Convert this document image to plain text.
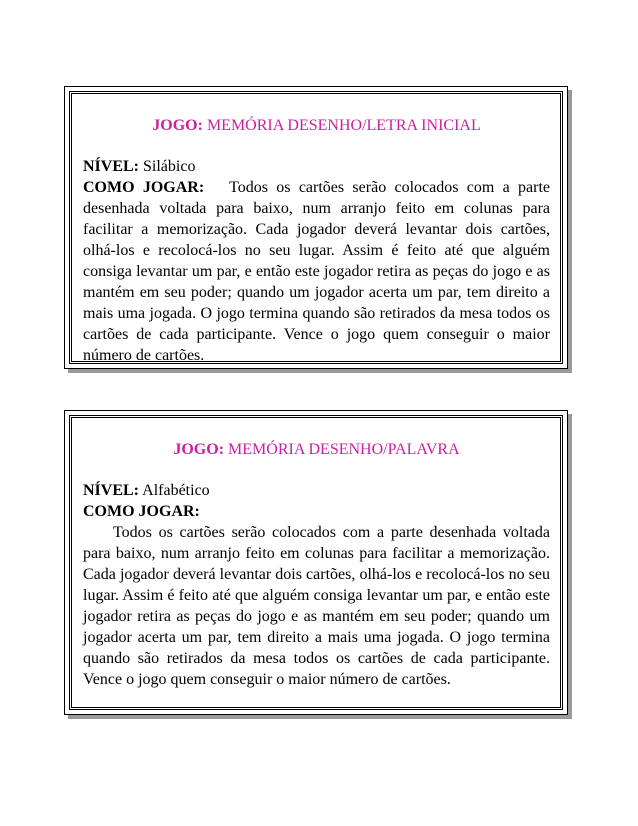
JOGO: MEMÓRIA DESENHO/LETRA INICIAL

NÍVEL: Silábico

COMO JOGAR: Todos os cartões serão colocados com a parte desenhada voltada para baixo, num arranjo feito em colunas para facilitar a memorização. Cada jogador deverá levantar dois cartões, olhá-los e recolocá-los no seu lugar. Assim é feito até que alguém consiga levantar um par, e então este jogador retira as peças do jogo e as mantém em seu poder; quando um jogador acerta um par, tem direito a mais uma jogada. O jogo termina quando são retirados da mesa todos os cartões de cada participante. Vence o jogo quem conseguir o maior número de cartões.

JOGO: MEMÓRIA DESENHO/PALAVRA

NÍVEL: Alfabético

COMO JOGAR:

Todos os cartões serão colocados com a parte desenhada voltada para baixo, num arranjo feito em colunas para facilitar a memorização. Cada jogador deverá levantar dois cartões, olhá-los e recolocá-los no seu lugar. Assim é feito até que alguém consiga levantar um par, e então este jogador retira as peças do jogo e as mantém em seu poder; quando um jogador acerta um par, tem direito a mais uma jogada. O jogo termina quando são retirados da mesa todos os cartões de cada participante. Vence o jogo quem conseguir o maior número de cartões.
